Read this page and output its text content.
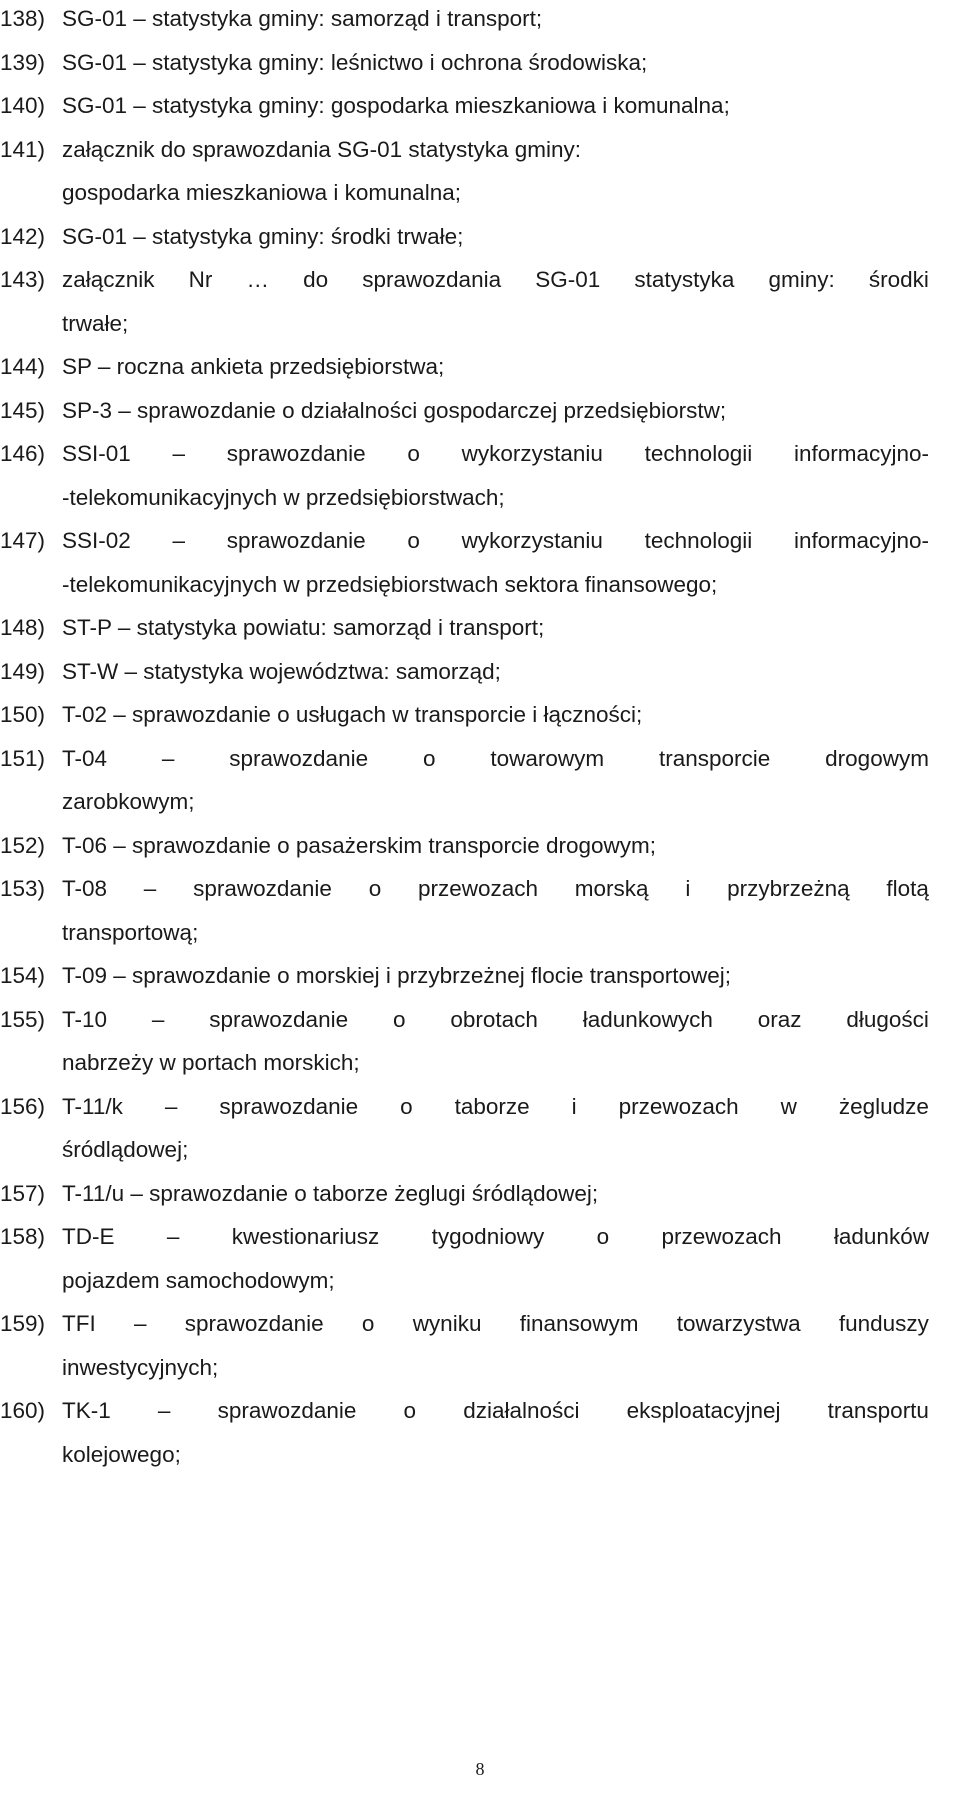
138) SG-01 – statystyka gminy: samorząd i transport;
139) SG-01 – statystyka gminy: leśnictwo i ochrona środowiska;
140) SG-01 – statystyka gminy: gospodarka mieszkaniowa i komunalna;
141) załącznik do sprawozdania SG-01 statystyka gminy:
gospodarka mieszkaniowa i komunalna;
142) SG-01 – statystyka gminy: środki trwałe;
143) załącznik Nr … do sprawozdania SG-01 statystyka gminy: środki
trwałe;
144) SP – roczna ankieta przedsiębiorstwa;
145) SP-3 – sprawozdanie o działalności gospodarczej przedsiębiorstw;
146) SSI-01 – sprawozdanie o wykorzystaniu technologii informacyjno-
-telekomunikacyjnych w przedsiębiorstwach;
147) SSI-02 – sprawozdanie o wykorzystaniu technologii informacyjno-
-telekomunikacyjnych w przedsiębiorstwach sektora finansowego;
148) ST-P – statystyka powiatu: samorząd i transport;
149) ST-W – statystyka województwa: samorząd;
150) T-02 – sprawozdanie o usługach w transporcie i łączności;
151) T-04 – sprawozdanie o towarowym transporcie drogowym
zarobkowym;
152) T-06 – sprawozdanie o pasażerskim transporcie drogowym;
153) T-08 – sprawozdanie o przewozach morską i przybrzeżną flotą
transportową;
154) T-09 – sprawozdanie o morskiej i przybrzeżnej flocie transportowej;
155) T-10 – sprawozdanie o obrotach ładunkowych oraz długości
nabrzeży w portach morskich;
156) T-11/k – sprawozdanie o taborze i przewozach w żegludze
śródlądowej;
157) T-11/u – sprawozdanie o taborze żeglugi śródlądowej;
158) TD-E – kwestionariusz tygodniowy o przewozach ładunków
pojazdem samochodowym;
159) TFI – sprawozdanie o wyniku finansowym towarzystwa funduszy
inwestycyjnych;
160) TK-1 – sprawozdanie o działalności eksploatacyjnej transportu
kolejowego;
8
